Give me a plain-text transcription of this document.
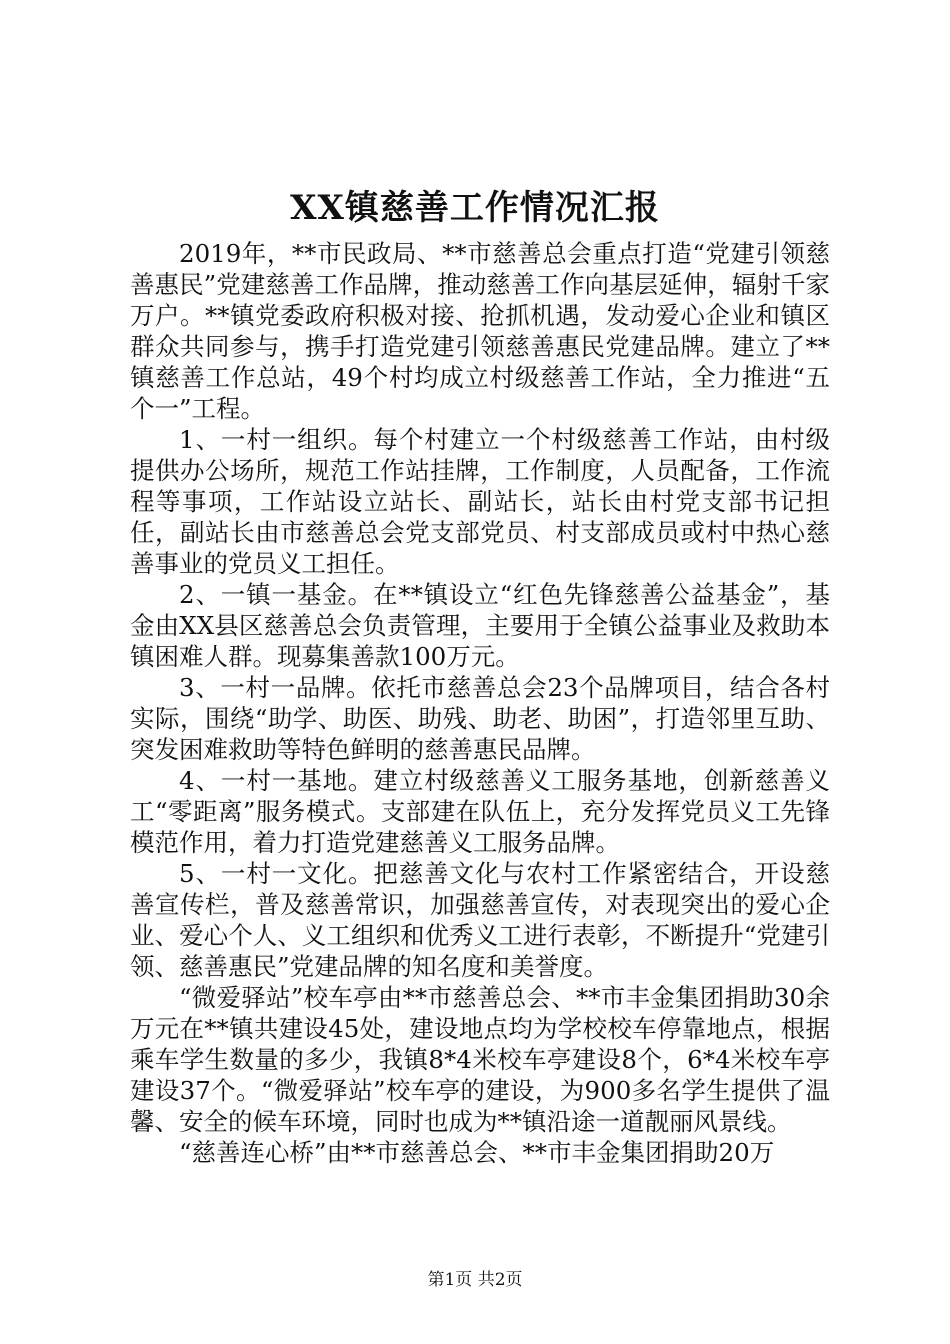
XX镇慈善工作情况汇报

2019年，**市民政局、**市慈善总会重点打造“党建引领慈善惠民”党建慈善工作品牌，推动慈善工作向基层延伸，辐射千家万户。**镇党委政府积极对接、抢抓机遇，发动爱心企业和镇区群众共同参与，携手打造党建引领慈善惠民党建品牌。建立了**镇慈善工作总站，49个村均成立村级慈善工作站，全力推进“五个一”工程。

1、一村一组织。每个村建立一个村级慈善工作站，由村级提供办公场所，规范工作站挂牌，工作制度，人员配备，工作流程等事项，工作站设立站长、副站长，站长由村党支部书记担任，副站长由市慈善总会党支部党员、村支部成员或村中热心慈善事业的党员义工担任。

2、一镇一基金。在**镇设立“红色先锋慈善公益基金”，基金由XX县区慈善总会负责管理，主要用于全镇公益事业及救助本镇困难人群。现募集善款100万元。

3、一村一品牌。依托市慈善总会23个品牌项目，结合各村实际，围绕“助学、助医、助残、助老、助困”，打造邻里互助、突发困难救助等特色鲜明的慈善惠民品牌。

4、一村一基地。建立村级慈善义工服务基地，创新慈善义工“零距离”服务模式。支部建在队伍上，充分发挥党员义工先锋模范作用，着力打造党建慈善义工服务品牌。

5、一村一文化。把慈善文化与农村工作紧密结合，开设慈善宣传栏，普及慈善常识，加强慈善宣传，对表现突出的爱心企业、爱心个人、义工组织和优秀义工进行表彰，不断提升“党建引领、慈善惠民”党建品牌的知名度和美誉度。

“微爱驿站”校车亭由**市慈善总会、**市丰金集团捐助30余万元在**镇共建设45处，建设地点均为学校校车停靠地点，根据乘车学生数量的多少，我镇8*4米校车亭建设8个，6*4米校车亭建设37个。“微爱驿站”校车亭的建设，为900多名学生提供了温馨、安全的候车环境，同时也成为**镇沿途一道靓丽风景线。

“慈善连心桥”由**市慈善总会、**市丰金集团捐助20万

第1页 共2页
